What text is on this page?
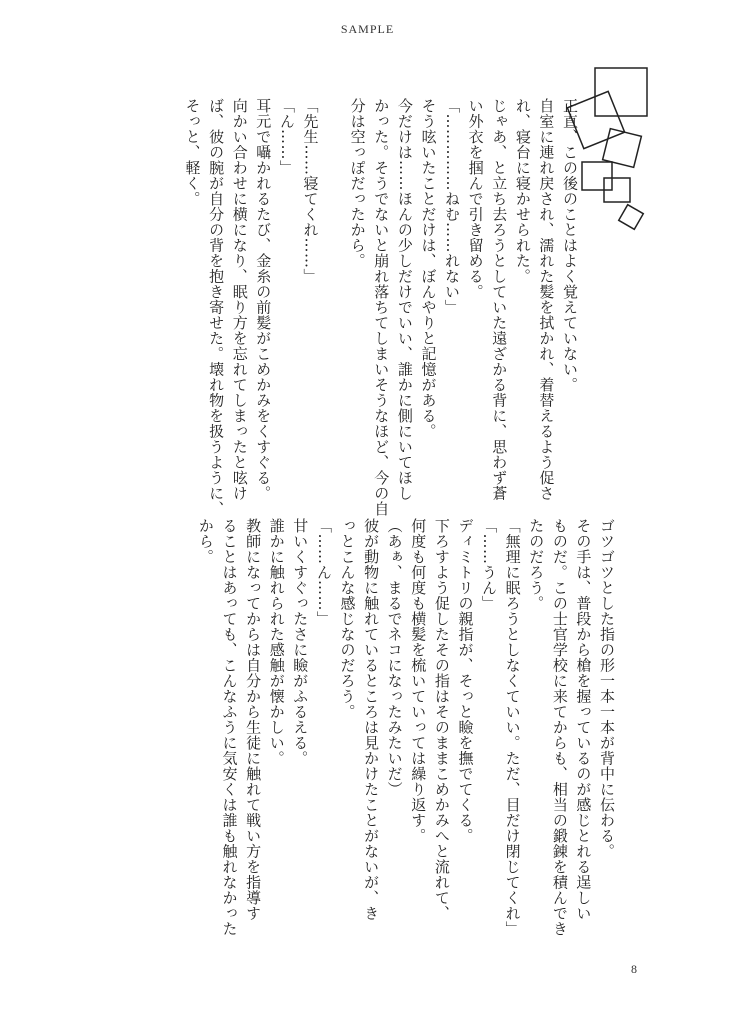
SAMPLE

正直、この後のことはよく覚えていない。

自室に連れ戻され、濡れた髪を拭かれ、着替えるよう促さ

れ、寝台に寝かせられた。

じゃあ、と立ち去ろうとしていた遠ざかる背に、思わず蒼

い外衣を掴んで引き留める。

「……………ねむ……れない」

そう呟いたことだけは、ぼんやりと記憶がある。

今だけは……ほんの少しだけでいい、誰かに側にいてほし

かった。そうでないと崩れ落ちてしまいそうなほど、今の自

分は空っぽだったから。

「先生……寝てくれ……」

「ん……」

耳元で囁かれるたび、金糸の前髪がこめかみをくすぐる。

向かい合わせに横になり、眠り方を忘れてしまったと呟け

ば、彼の腕が自分の背を抱き寄せた。壊れ物を扱うように、

そっと、軽く。

ゴツゴツとした指の形一本一本が背中に伝わる。

その手は、普段から槍を握っているのが感じとれる逞しい

ものだ。この士官学校に来てからも、相当の鍛錬を積んでき

たのだろう。

「無理に眠ろうとしなくていい。ただ、目だけ閉じてくれ」

「……うん」

ディミトリの親指が、そっと瞼を撫でてくる。

下ろすよう促したその指はそのままこめかみへと流れて、

何度も何度も横髪を梳いていっては繰り返す。

（あぁ、まるでネコになったみたいだ）

彼が動物に触れているところは見かけたことがないが、き

っとこんな感じなのだろう。

「……ん……」

甘いくすぐったさに瞼がふるえる。

誰かに触れられた感触が懐かしい。

教師になってからは自分から生徒に触れて戦い方を指導す

ることはあっても、こんなふうに気安くは誰も触れなかった

から。

8
